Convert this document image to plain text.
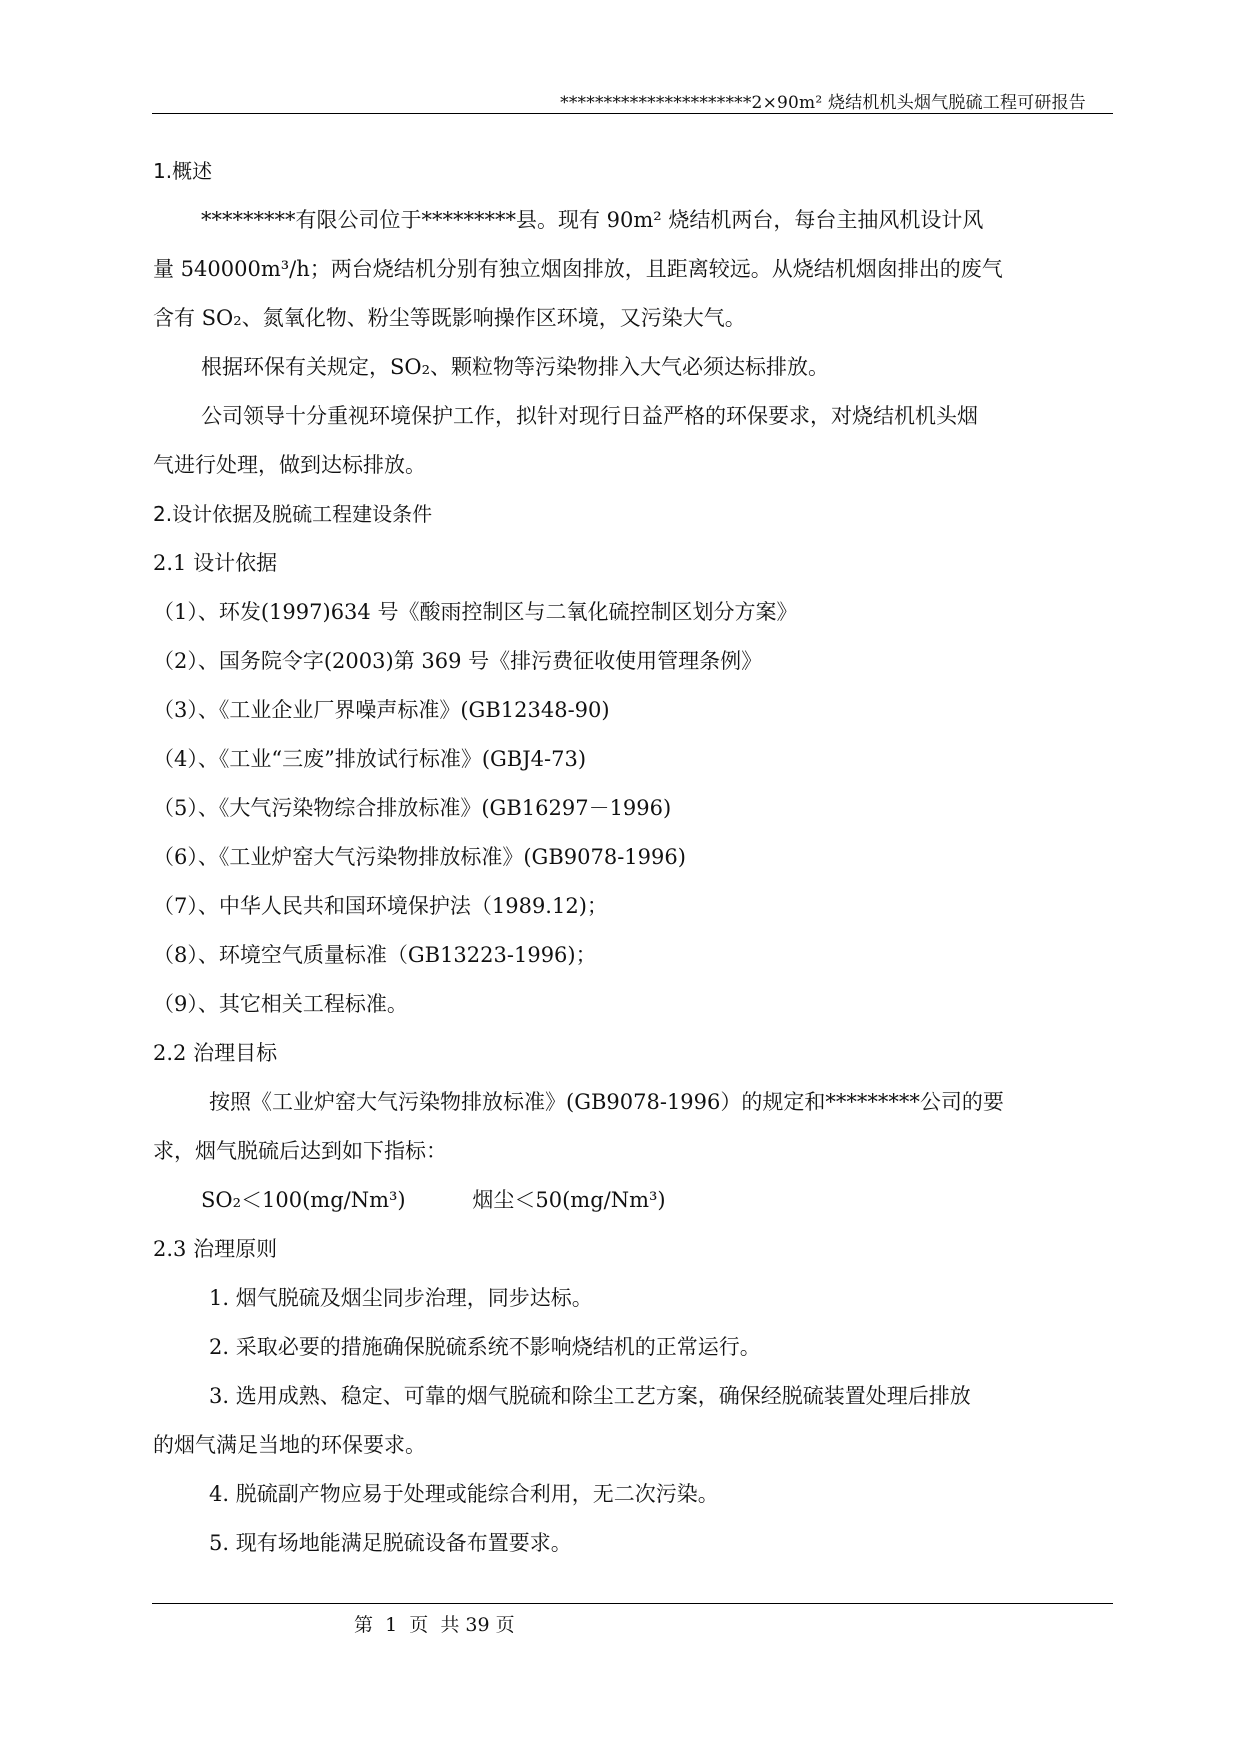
**********************2×90m² 烧结机机头烟气脱硫工程可研报告
1.概述
*********有限公司位于*********县。现有 90m² 烧结机两台，每台主抽风机设计风
量 540000m³/h；两台烧结机分别有独立烟囱排放，且距离较远。从烧结机烟囱排出的废气
含有 SO₂、氮氧化物、粉尘等既影响操作区环境，又污染大气。
根据环保有关规定，SO₂、颗粒物等污染物排入大气必须达标排放。
公司领导十分重视环境保护工作，拟针对现行日益严格的环保要求，对烧结机机头烟
气进行处理，做到达标排放。
2.设计依据及脱硫工程建设条件
2.1 设计依据
（1）、环发(1997)634 号《酸雨控制区与二氧化硫控制区划分方案》
（2）、国务院令字(2003)第 369 号《排污费征收使用管理条例》
（3）、《工业企业厂界噪声标准》(GB12348-90)
（4）、《工业“三废”排放试行标准》(GBJ4-73)
（5）、《大气污染物综合排放标准》(GB16297－1996)
（6）、《工业炉窑大气污染物排放标准》(GB9078-1996)
（7）、中华人民共和国环境保护法（1989.12)；
（8）、环境空气质量标准（GB13223-1996)；
（9）、其它相关工程标准。
2.2 治理目标
按照《工业炉窑大气污染物排放标准》(GB9078-1996）的规定和*********公司的要
求，烟气脱硫后达到如下指标：
SO₂＜100(mg/Nm³)          烟尘＜50(mg/Nm³)
2.3 治理原则
1. 烟气脱硫及烟尘同步治理，同步达标。
2. 采取必要的措施确保脱硫系统不影响烧结机的正常运行。
3. 选用成熟、稳定、可靠的烟气脱硫和除尘工艺方案，确保经脱硫装置处理后排放
的烟气满足当地的环保要求。
4. 脱硫副产物应易于处理或能综合利用，无二次污染。
5. 现有场地能满足脱硫设备布置要求。
第  1  页  共 39 页
